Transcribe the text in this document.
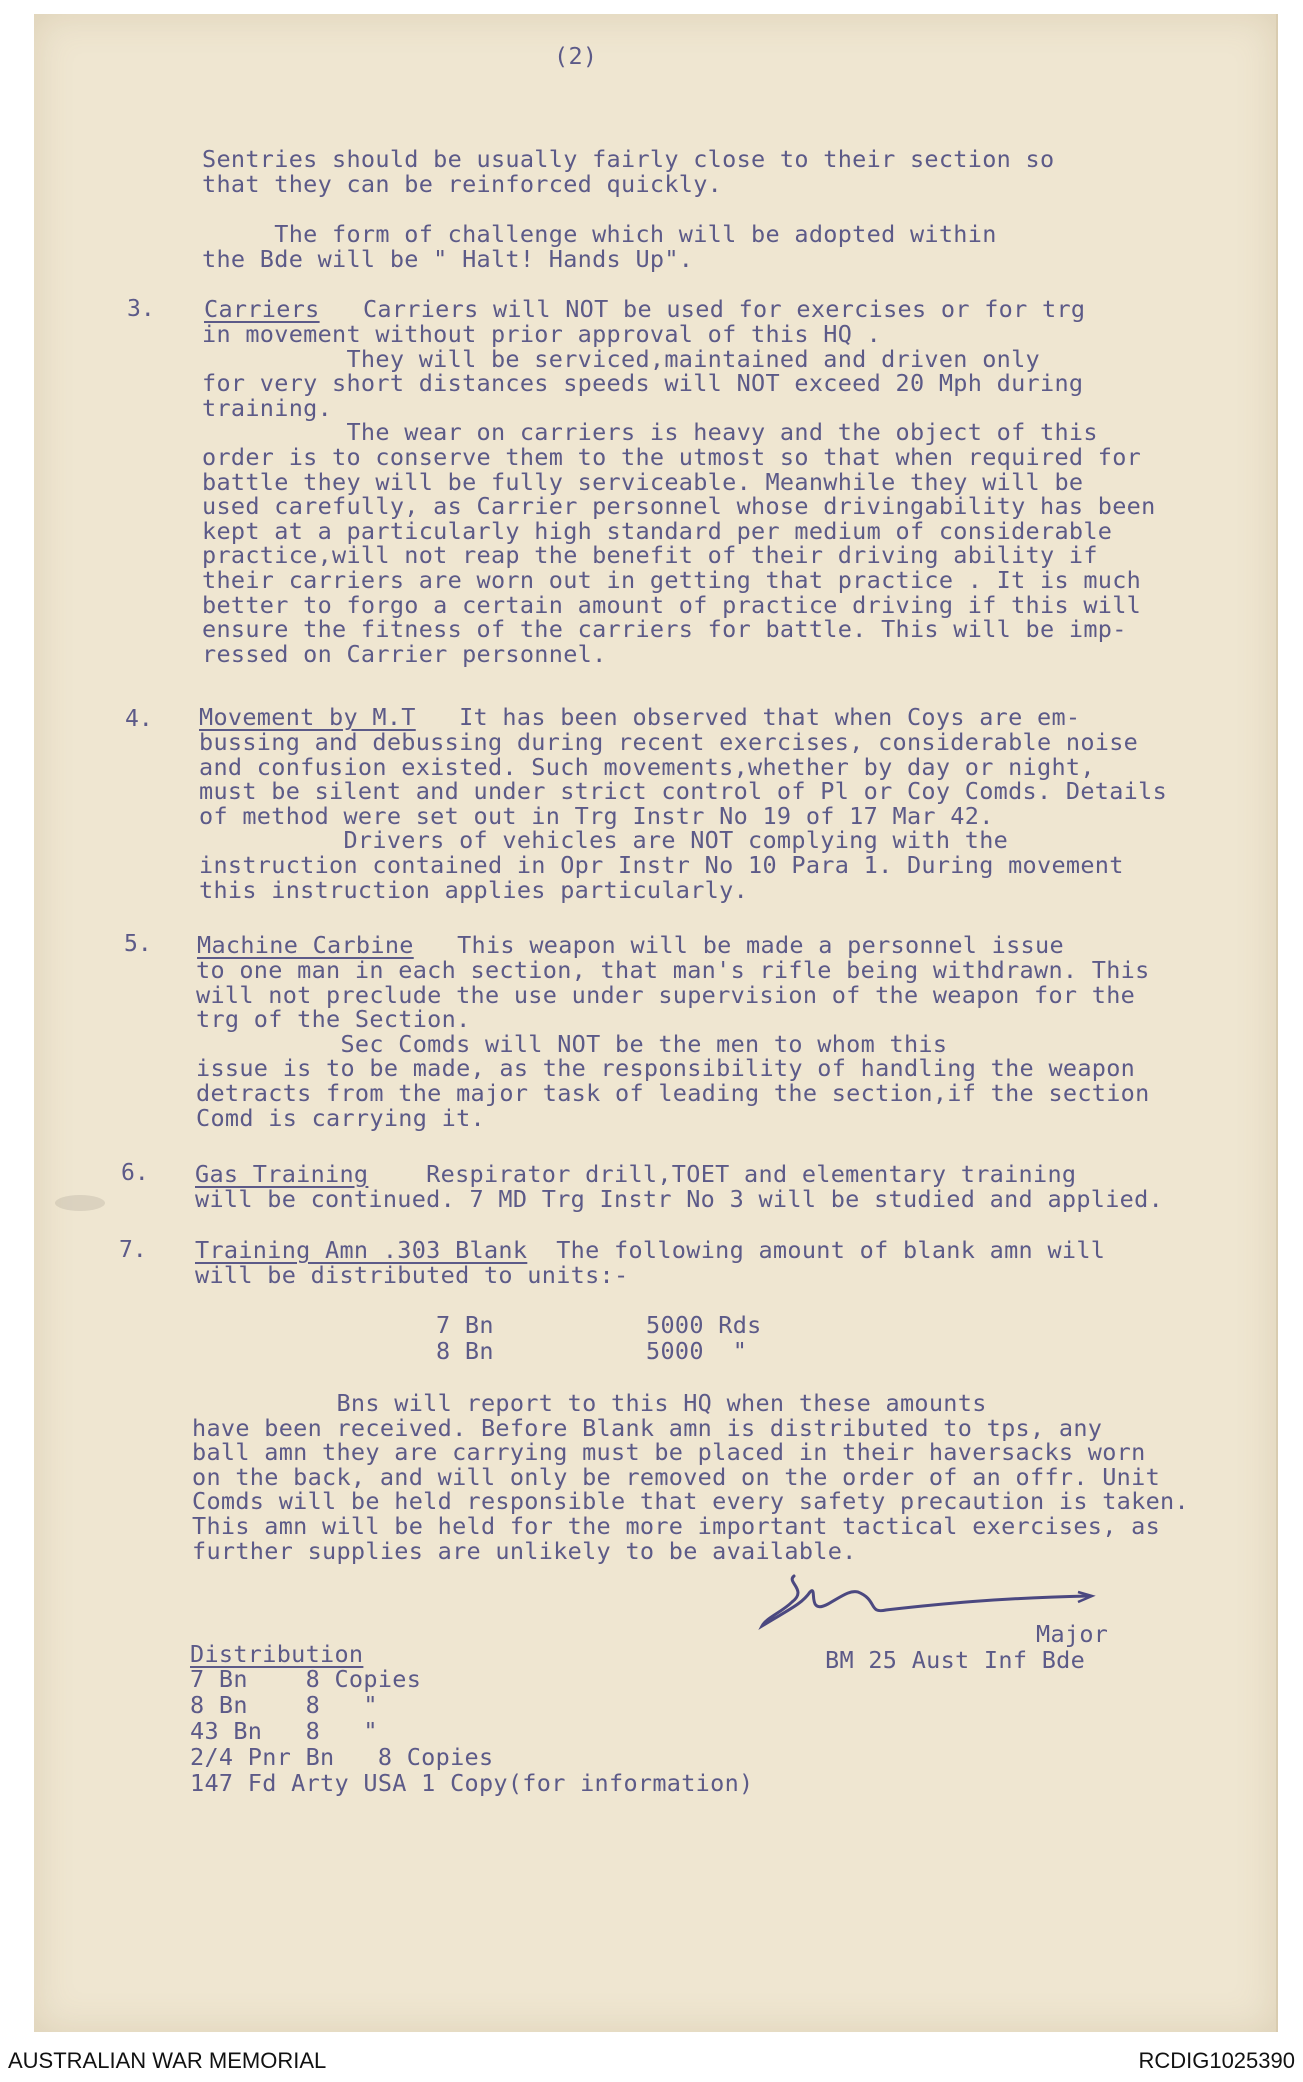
(2)
Sentries should be usually fairly close to their section so
that they can be reinforced quickly.
The form of challenge which will be adopted within
the Bde will be " Halt! Hands Up".
3. Carriers   Carriers will NOT be used for exercises or for trg
in movement without prior approval of this HQ .
They will be serviced,maintained and driven only
for very short distances speeds will NOT exceed 20 Mph during
training.
The wear on carriers is heavy and the object of this
order is to conserve them to the utmost so that when required for
battle they will be fully serviceable. Meanwhile they will be
used carefully, as Carrier personnel whose drivingability has been
kept at a particularly high standard per medium of considerable
practice,will not reap the benefit of their driving ability if
their carriers are worn out in getting that practice . It is much
better to forgo a certain amount of practice driving if this will
ensure the fitness of the carriers for battle. This will be imp-
ressed on Carrier personnel.
4. Movement by M.T   It has been observed that when Coys are em-
bussing and debussing during recent exercises, considerable noise
and confusion existed. Such movements,whether by day or night,
must be silent and under strict control of Pl or Coy Comds. Details
of method were set out in Trg Instr No 19 of 17 Mar 42.
Drivers of vehicles are NOT complying with the
instruction contained in Opr Instr No 10 Para 1. During movement
this instruction applies particularly.
5. Machine Carbine   This weapon will be made a personnel issue
to one man in each section, that man's rifle being withdrawn. This
will not preclude the use under supervision of the weapon for the
trg of the Section.
Sec Comds will NOT be the men to whom this
issue is to be made, as the responsibility of handling the weapon
detracts from the major task of leading the section,if the section
Comd is carrying it.
6. Gas Training    Respirator drill,TOET and elementary training
will be continued. 7 MD Trg Instr No 3 will be studied and applied.
7. Training Amn .303 Blank  The following amount of blank amn will
will be distributed to units:-
7 Bn	5000 Rds
8 Bn	5000  "
Bns will report to this HQ when these amounts
have been received. Before Blank amn is distributed to tps, any
ball amn they are carrying must be placed in their haversacks worn
on the back, and will only be removed on the order of an offr. Unit
Comds will be held responsible that every safety precaution is taken.
This amn will be held for the more important tactical exercises, as
further supplies are unlikely to be available.
Major
BM 25 Aust Inf Bde
Distribution
7 Bn    8 Copies
8 Bn    8   "
43 Bn   8   "
2/4 Pnr Bn   8 Copies
147 Fd Arty USA 1 Copy(for information)
AUSTRALIAN WAR MEMORIAL	RCDIG1025390
